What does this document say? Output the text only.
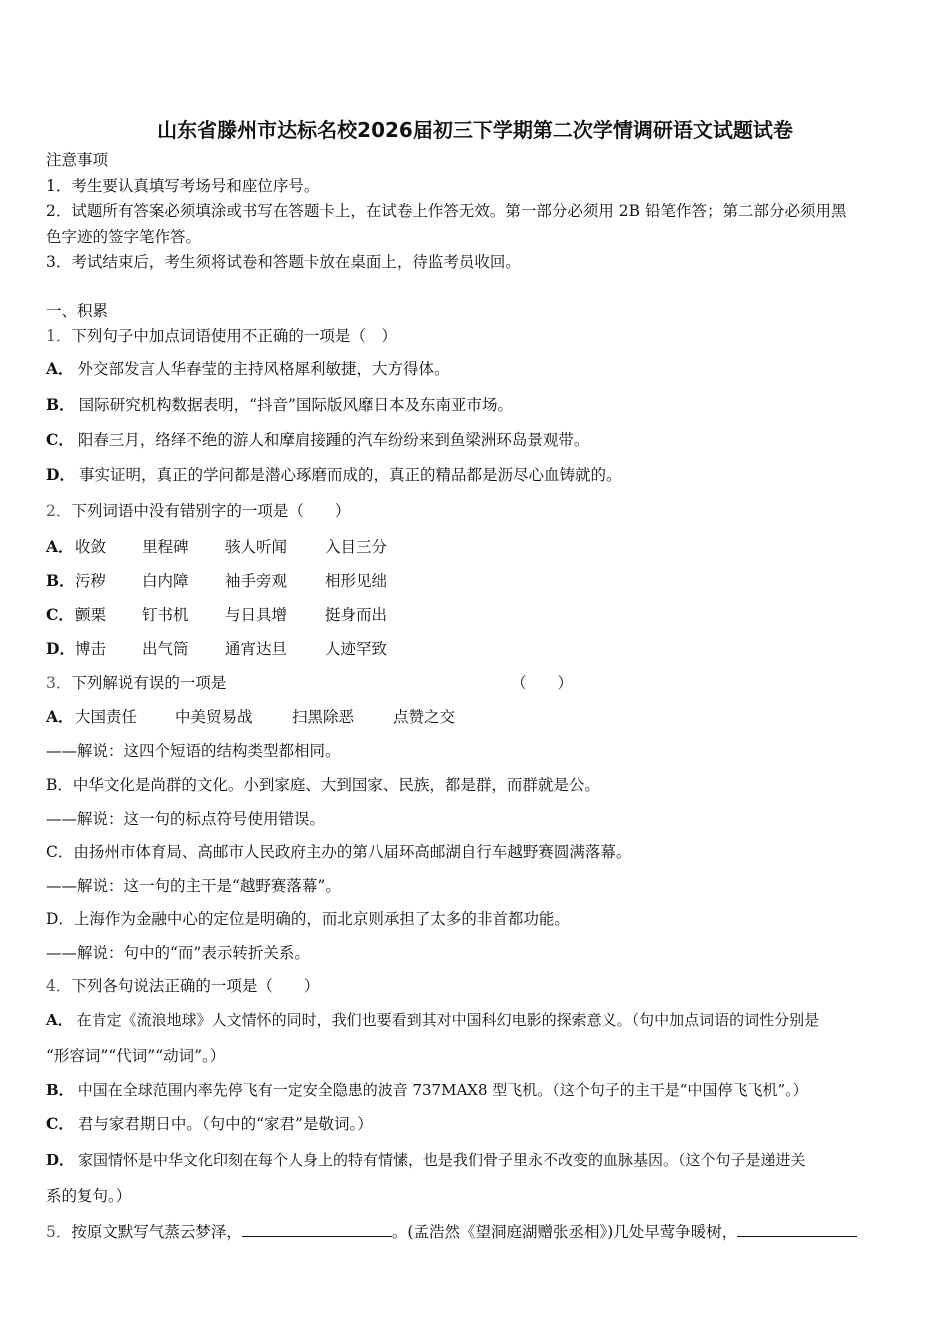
山东省滕州市达标名校2026届初三下学期第二次学情调研语文试题试卷
注意事项
1．考生要认真填写考场号和座位序号。
2．试题所有答案必须填涂或书写在答题卡上，在试卷上作答无效。第一部分必须用 2B 铅笔作答；第二部分必须用黑
色字迹的签字笔作答。
3．考试结束后，考生须将试卷和答题卡放在桌面上，待监考员收回。
一、积累
1．下列句子中加点词语使用不正确的一项是（　）
A． 外交部发言人华春莹的主持风格犀利敏捷，大方得体。
B． 国际研究机构数据表明，“抖音”国际版风靡日本及东南亚市场。
C． 阳春三月，络绎不绝的游人和摩肩接踵的汽车纷纷来到鱼梁洲环岛景观带。
D． 事实证明，真正的学问都是潜心琢磨而成的，真正的精品都是沥尽心血铸就的。
2．下列词语中没有错别字的一项是（　　）
A． 收敛 里程碑 骇人听闻 入目三分
B． 污秽 白内障 袖手旁观 相形见绌
C． 颤栗 钉书机 与日具增 挺身而出
D． 博击 出气筒 通宵达旦 人迹罕致
3．下列解说有误的一项是	（　　）
A． 大国责任 中美贸易战	扫黑除恶	点赞之交
——解说：这四个短语的结构类型都相同。
B．中华文化是尚群的文化。小到家庭、大到国家、民族，都是群，而群就是公。
——解说：这一句的标点符号使用错误。
C．由扬州市体育局、高邮市人民政府主办的第八届环高邮湖自行车越野赛圆满落幕。
——解说：这一句的主干是“越野赛落幕”。
D．上海作为金融中心的定位是明确的，而北京则承担了太多的非首都功能。
——解说：句中的“而”表示转折关系。
4．下列各句说法正确的一项是（　　）
A． 在肯定《流浪地球》人文情怀的同时，我们也要看到其对中国科幻电影的探索意义。（句中加点词语的词性分别是
“形容词”“代词”“动词”。）
B． 中国在全球范围内率先停飞有一定安全隐患的波音 737MAX8 型飞机。（这个句子的主干是“中国停飞飞机”。）
C． 君与家君期日中。（句中的“家君”是敬词。）
D． 家国情怀是中华文化印刻在每个人身上的特有情愫，也是我们骨子里永不改变的血脉基因。（这个句子是递进关
系的复句。）
5．按原文默写气蒸云梦泽，	。(孟浩然《望洞庭湖赠张丞相》)几处早莺争暖树，
